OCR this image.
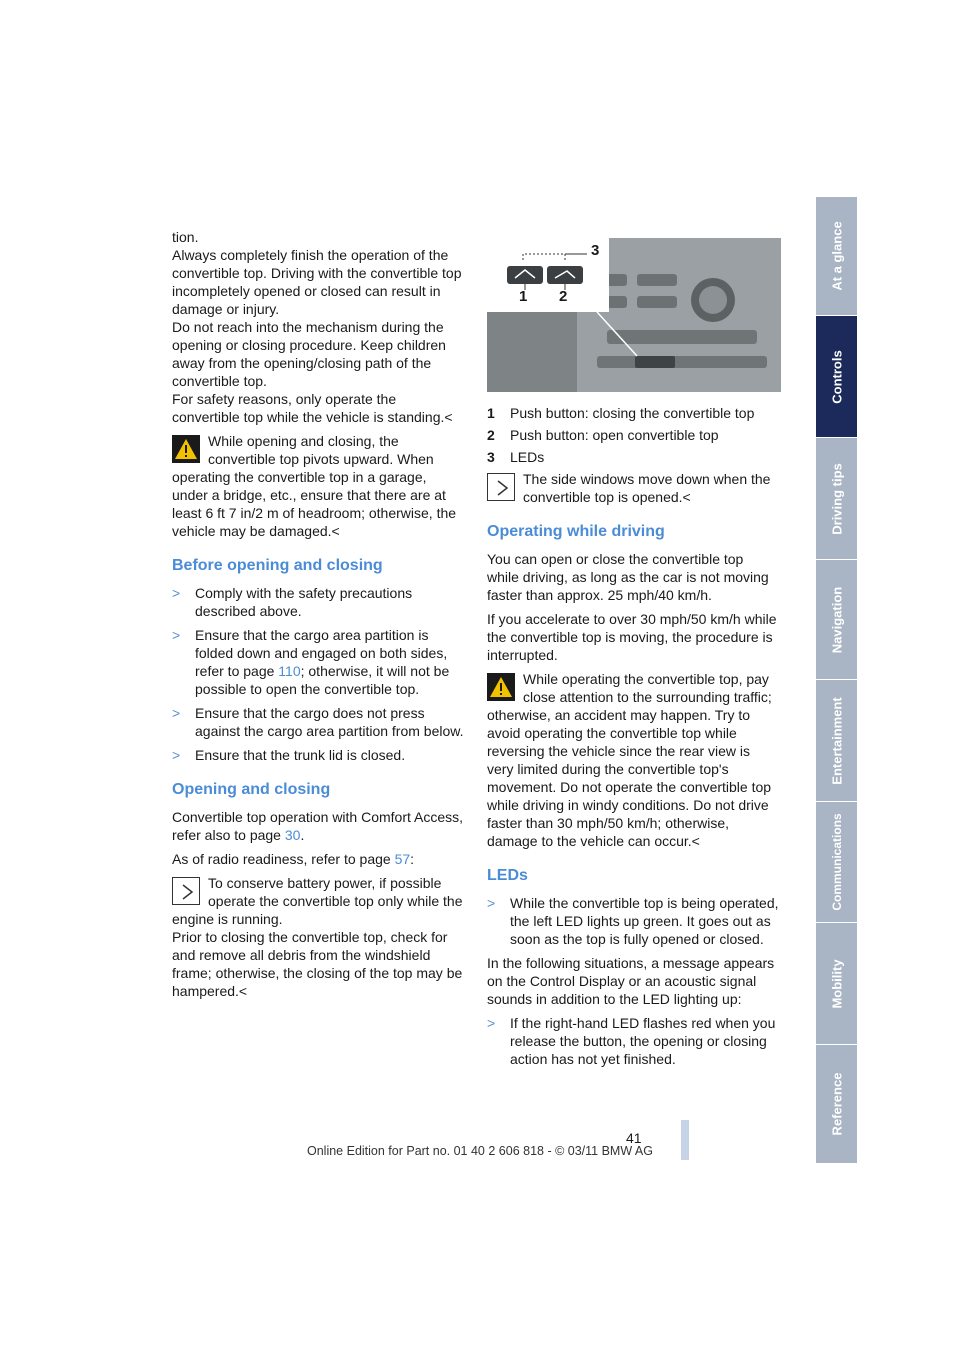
tion.
Always completely finish the operation of the convertible top. Driving with the convertible top incompletely opened or closed can result in damage or injury.
Do not reach into the mechanism during the opening or closing procedure. Keep children away from the opening/closing path of the convertible top.
For safety reasons, only operate the convertible top while the vehicle is standing.<

While opening and closing, the convertible top pivots upward. When operating the convertible top in a garage, under a bridge, etc., ensure that there are at least 6 ft 7 in/2 m of headroom; otherwise, the vehicle may be damaged.<
Before opening and closing
> Comply with the safety precautions described above.
> Ensure that the cargo area partition is folded down and engaged on both sides, refer to page 110; otherwise, it will not be possible to open the convertible top.
> Ensure that the cargo does not press against the cargo area partition from below.
> Ensure that the trunk lid is closed.
Opening and closing

Convertible top operation with Comfort Access, refer also to page 30.

As of radio readiness, refer to page 57:

To conserve battery power, if possible operate the convertible top only while the engine is running.
Prior to closing the convertible top, check for and remove all debris from the windshield frame; otherwise, the closing of the top may be hampered.<
1 2
3
1 Push button: closing the convertible top
2 Push button: open convertible top
3 LEDs
The side windows move down when the convertible top is opened.<
Operating while driving

You can open or close the convertible top while driving, as long as the car is not moving faster than approx. 25 mph/40 km/h.

If you accelerate to over 30 mph/50 km/h while the convertible top is moving, the procedure is interrupted.

While operating the convertible top, pay close attention to the surrounding traffic; otherwise, an accident may happen. Try to avoid operating the convertible top while reversing the vehicle since the rear view is very limited during the convertible top's movement. Do not operate the convertible top while driving in windy conditions. Do not drive faster than 30 mph/50 km/h; otherwise, damage to the vehicle can occur.<
LEDs
> While the convertible top is being operated, the left LED lights up green. It goes out as soon as the top is fully opened or closed.

In the following situations, a message appears on the Control Display or an acoustic signal sounds in addition to the LED lighting up:

> If the right-hand LED flashes red when you release the button, the opening or closing action has not yet finished.
At a glance
Controls
Driving tips
Navigation
Entertainment
Communications
Mobility
Reference
41
Online Edition for Part no. 01 40 2 606 818 - © 03/11 BMW AG
